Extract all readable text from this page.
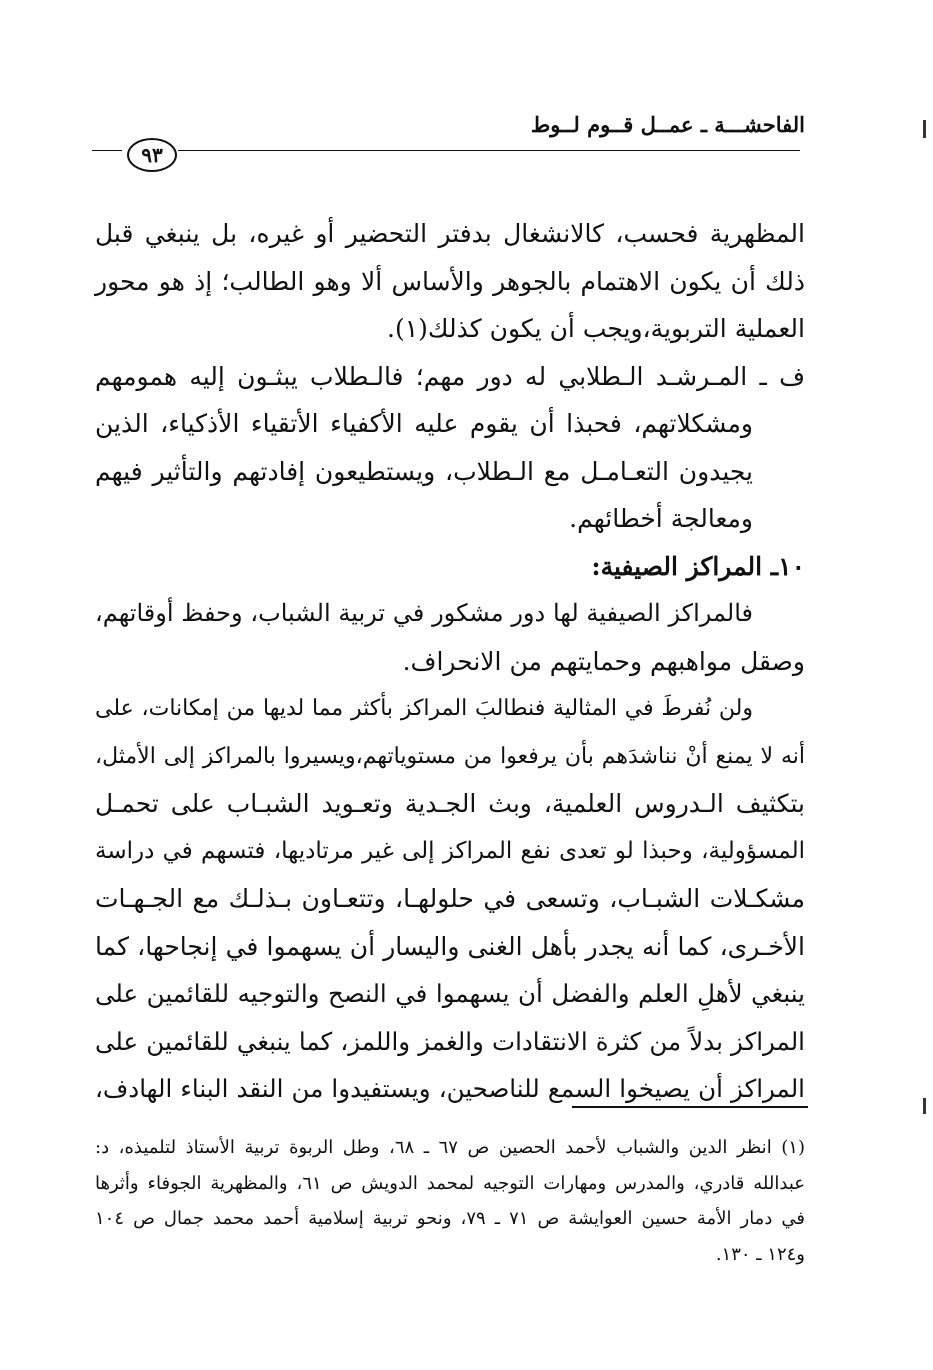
الفاحشـــة ـ عمــل قــوم لــوط
٩٣
المظهرية فحسب، كالانشغال بدفتر التحضير أو غيره، بل ينبغي قبل
ذلك أن يكون الاهتمام بالجوهر والأساس ألا وهو الطالب؛ إذ هو محور
العملية التربوية،ويجب أن يكون كذلك(١).
ف ـ المـرشـد الـطلابي له دور مهم؛ فالـطلاب يبثـون إليه همومهم
ومشكلاتهم، فحبذا أن يقوم عليه الأكفياء الأتقياء الأذكياء، الذين
يجيدون التعـامـل مع الـطلاب، ويستطيعون إفادتهم والتأثير فيهم
ومعالجة أخطائهم.
١٠ـ المراكز الصيفية:
فالمراكز الصيفية لها دور مشكور في تربية الشباب، وحفظ أوقاتهم،
وصقل مواهبهم وحمايتهم من الانحراف.
ولن نُفرطَ في المثالية فنطالبَ المراكز بأكثر مما لديها من إمكانات، على
أنه لا يمنع أنْ نناشدَهم بأن يرفعوا من مستوياتهم،ويسيروا بالمراكز إلى الأمثل،
بتكثيف الـدروس العلمية، وبث الجـدية وتعـويد الشبـاب على تحمـل
المسؤولية، وحبذا لو تعدى نفع المراكز إلى غير مرتاديها، فتسهم في دراسة
مشكـلات الشبـاب، وتسعى في حلولهـا، وتتعـاون بـذلـك مع الجـهـات
الأخـرى، كما أنه يجدر بأهل الغنى واليسار أن يسهموا في إنجاحها، كما
ينبغي لأهلِ العلم والفضل أن يسهموا في النصح والتوجيه للقائمين على
المراكز بدلاً من كثرة الانتقادات والغمز واللمز، كما ينبغي للقائمين على
المراكز أن يصيخوا السمع للناصحين، ويستفيدوا من النقد البناء الهادف،
(١) انظر الدين والشباب لأحمد الحصين ص ٦٧ ـ ٦٨، وطل الربوة تربية الأستاذ لتلميذه، د:
عبدالله قادري، والمدرس ومهارات التوجيه لمحمد الدويش ص ٦١، والمظهرية الجوفاء وأثرها
في دمار الأمة حسين العوايشة ص ٧١ ـ ٧٩، ونحو تربية إسلامية أحمد محمد جمال ص ١٠٤
و١٢٤ ـ ١٣٠.
